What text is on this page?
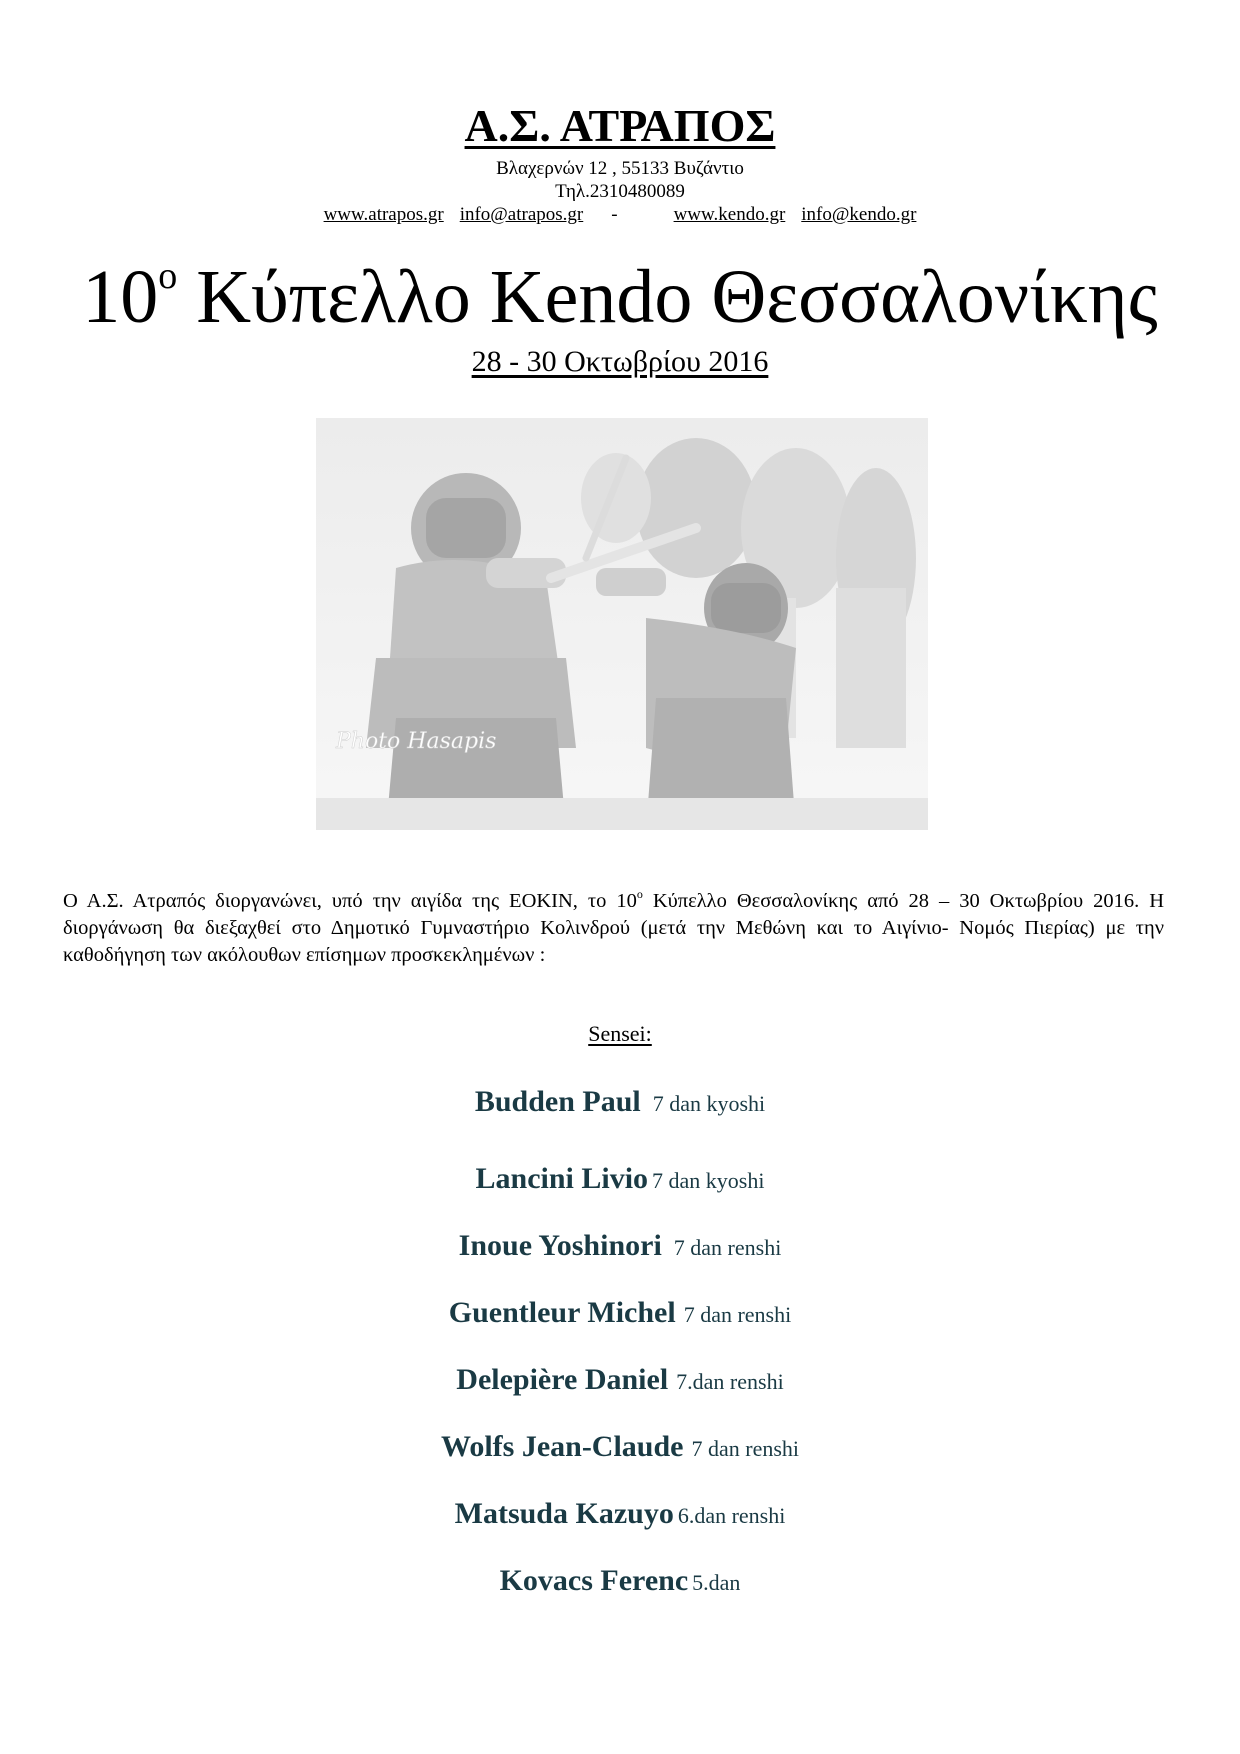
Α.Σ. ΑΤΡΑΠΟΣ
Βλαχερνών 12 , 55133 Βυζάντιο
Τηλ.2310480089
www.atrapos.gr info@atrapos.gr -	www.kendo.gr info@kendo.gr
$10^o$ Κύπελλο Kendo Θεσσαλονίκης
28 - 30 Οκτωβρίου 2016
Photo Hasapis
Ο Α.Σ. Ατραπός διοργανώνει, υπό την αιγίδα της ΕΟΚΙΝ, το $10^o$ Κύπελλο Θεσσαλονίκης από 28 – 30 Οκτωβρίου 2016. Η διοργάνωση θα διεξαχθεί στο Δημοτικό Γυμναστήριο Κολινδρού (μετά την Μεθώνη και το Αιγίνιο- Νομός Πιερίας) με την καθοδήγηση των ακόλουθων επίσημων προσκεκλημένων :
Sensei:
Budden Paul 7 dan kyoshi
Lancini Livio 7 dan kyoshi
Inoue Yoshinori 7 dan renshi
Guentleur Michel 7 dan renshi
Delepière Daniel 7.dan renshi
Wolfs Jean-Claude 7 dan renshi
Matsuda Kazuyo 6.dan renshi
Kovacs Ferenc 5.dan
